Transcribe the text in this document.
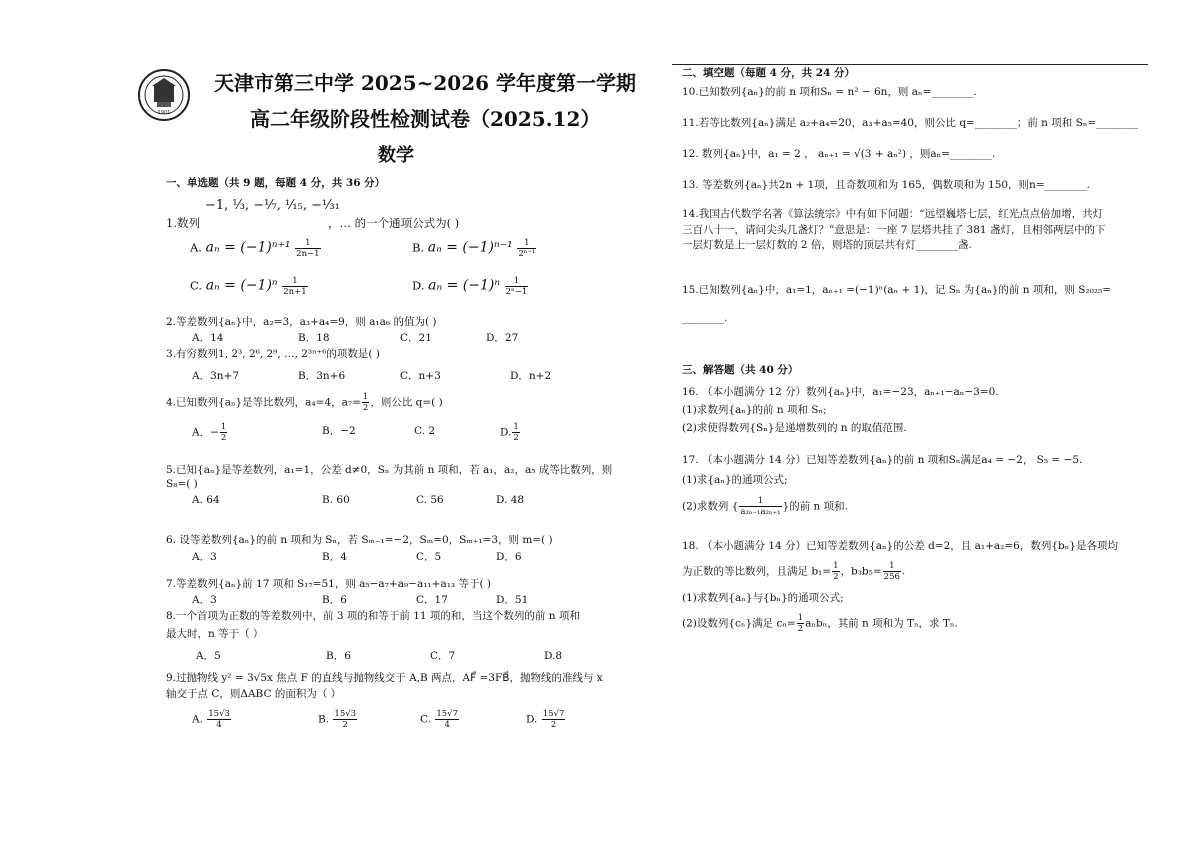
1901
天津市第三中学 2025~2026 学年度第一学期
高二年级阶段性检测试卷（2025.12）
数学
一、单选题（共 9 题，每题 4 分，共 36 分）
−1, ⅓, −⅐, ¹⁄₁₅, −¹⁄₃₁
1.数列	，… 的一个通项公式为( )
A. $a_n = (-1)^{n+1} \frac{1}{2n-1}$	B. $a_n = (-1)^{n-1} \frac{1}{\text{2ⁿ⁻¹}}$
C. $a_n = (-1)^n \frac{1}{2n+1}$	D. $a_n = (-1)^n \frac{1}{\text{2ⁿ−1}}$
2.等差数列{aₙ}中，a₂=3，a₃+a₄=9，则 a₁a₆ 的值为( )
A．14	B．18	C．21	D．27
3.有穷数列1, 2³, 2⁶, 2⁹, …, 2³ⁿ⁺⁶的项数是( )
A．3n+7	B．3n+6	C．n+3	D．n+2
4.已知数列{aₙ}是等比数列，a₄=4，$a_7= \frac{1}{2}$ ，则公比 q=( )
A．− $\frac{1}{2}$	B．−2	C. 2	D. $\frac{1}{2}$
5.已知{aₙ}是等差数列，a₁=1，公差 d≠0，Sₙ 为其前 n 项和，若 a₁，a₂，a₅ 成等比数列，则
S₈=( )
A. 64	B. 60	C. 56	D. 48
6. 设等差数列{aₙ}的前 n 项和为 Sₙ，若 Sₘ₋₁=−2，Sₘ=0，Sₘ₊₁=3，则 m=( )
A．3	B．4	C．5	D．6
7.等差数列{aₙ}前 17 项和 S₁₇=51，则 a₅−a₇+a₉−a₁₁+a₁₃ 等于( )
A．3	B．6	C．17	D．51
8.一个首项为正数的等差数列中，前 3 项的和等于前 11 项的和，当这个数列的前 n 项和
最大时，n 等于（ ）
A．5	B．6	C．7	D.8
9.过抛物线 y² = 3√5x 焦点 F 的直线与抛物线交于 A,B 两点，AF⃗ =3FB⃗，抛物线的准线与 x
轴交于点 C，则ΔABC 的面积为（ ）
A. $\frac{15√3}{4}$	B. $\frac{15√3}{2}$	C. $\frac{15√7}{4}$	D. $\frac{15√7}{2}$
二、填空题（每题 4 分，共 24 分）
10.已知数列{aₙ}的前 n 项和Sₙ = n² − 6n，则 aₙ=________.
11.若等比数列{aₙ}满足 a₂+a₄=20，a₃+a₅=40，则公比 q=________；前 n 项和 Sₙ=________
12. 数列{aₙ}中，a₁ = 2 ， aₙ₊₁ = √(3 + aₙ²) ，则aₙ=________.
13. 等差数列{aₙ}共2n + 1项，且奇数项和为 165，偶数项和为 150，则n=________.
14.我国古代数学名著《算法统宗》中有如下问题：“远望巍塔七层，红光点点倍加增，共灯
三百八十一，请问尖头几盏灯？”意思是：一座 7 层塔共挂了 381 盏灯，且相邻两层中的下
一层灯数是上一层灯数的 2 倍，则塔的顶层共有灯________盏.
15.已知数列{aₙ}中，a₁=1，aₙ₊₁ =(−1)ⁿ(aₙ + 1)，记 Sₙ 为{aₙ}的前 n 项和，则 S₂₀₂₅=
________.
三、解答题（共 40 分）
16. （本小题满分 12 分）数列{aₙ}中，a₁=−23，aₙ₊₁−aₙ−3=0.
(1)求数列{aₙ}的前 n 项和 Sₙ;
(2)求使得数列{Sₙ}是递增数列的 n 的取值范围.
17. （本小题满分 14 分）已知等差数列{aₙ}的前 n 项和Sₙ满足a₄ = −2， S₅ = −5.
(1)求{aₙ}的通项公式;
(2)求数列 { $\frac{1}{\text{a₂ₙ₋₁a₂ₙ₊₁}}$ }的前 n 项和.
18. （本小题满分 14 分）已知等差数列{aₙ}的公差 d=2，且 a₁+a₂=6，数列{bₙ}是各项均
为正数的等比数列，且满足 $b_1= \frac{1}{2}$ ，$b_3b_5= \frac{1}{256}$ .
(1)求数列{aₙ}与{bₙ}的通项公式;
(2)设数列{cₙ}满足 $c_n= \frac{1}{2}$ aₙbₙ，其前 n 项和为 Tₙ，求 Tₙ.
